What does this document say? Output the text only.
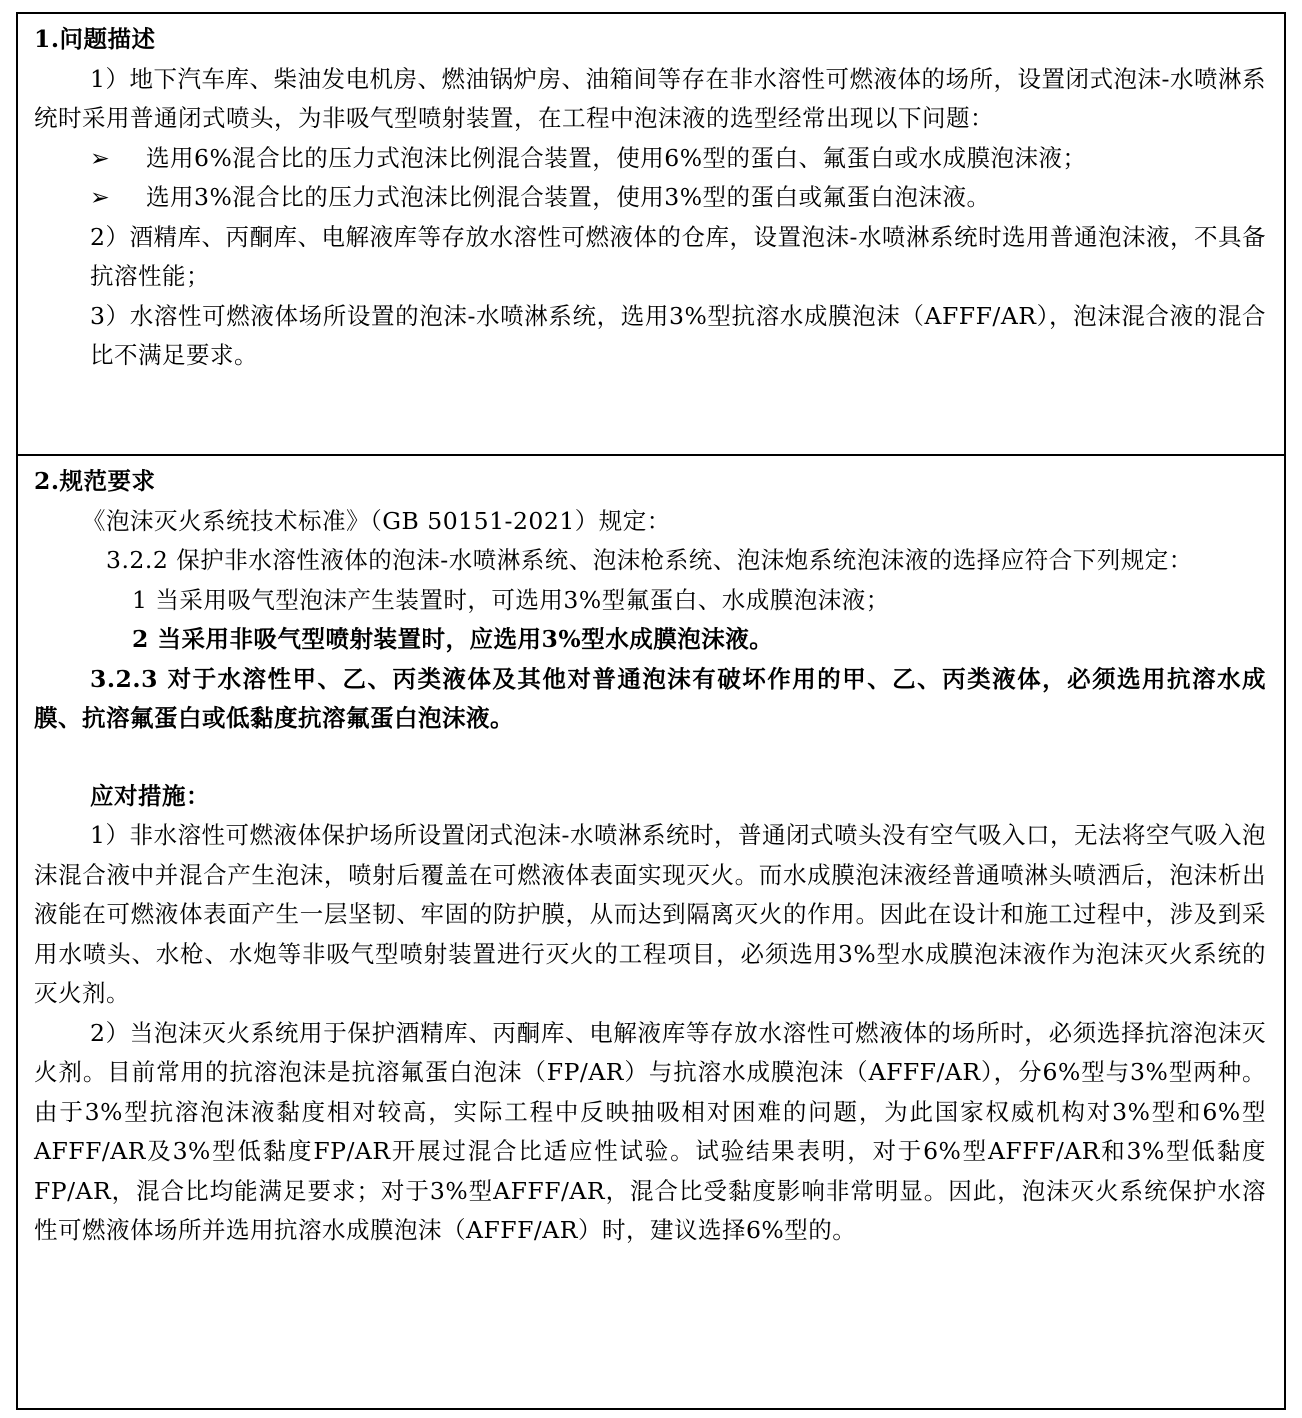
1.问题描述

1）地下汽车库、柴油发电机房、燃油锅炉房、油箱间等存在非水溶性可燃液体的场所，设置闭式泡沫-水喷淋系统时采用普通闭式喷头，为非吸气型喷射装置，在工程中泡沫液的选型经常出现以下问题：

➢	选用6%混合比的压力式泡沫比例混合装置，使用6%型的蛋白、氟蛋白或水成膜泡沫液；

➢	选用3%混合比的压力式泡沫比例混合装置，使用3%型的蛋白或氟蛋白泡沫液。

2）酒精库、丙酮库、电解液库等存放水溶性可燃液体的仓库，设置泡沫-水喷淋系统时选用普通泡沫液，不具备抗溶性能；

3）水溶性可燃液体场所设置的泡沫-水喷淋系统，选用3%型抗溶水成膜泡沫（AFFF/AR），泡沫混合液的混合比不满足要求。

2.规范要求

《泡沫灭火系统技术标准》（GB 50151-2021）规定：

3.2.2 保护非水溶性液体的泡沫-水喷淋系统、泡沫枪系统、泡沫炮系统泡沫液的选择应符合下列规定：

1 当采用吸气型泡沫产生装置时，可选用3%型氟蛋白、水成膜泡沫液；

2 当采用非吸气型喷射装置时，应选用3%型水成膜泡沫液。

3.2.3 对于水溶性甲、乙、丙类液体及其他对普通泡沫有破坏作用的甲、乙、丙类液体，必须选用抗溶水成膜、抗溶氟蛋白或低黏度抗溶氟蛋白泡沫液。

应对措施：

1）非水溶性可燃液体保护场所设置闭式泡沫-水喷淋系统时，普通闭式喷头没有空气吸入口，无法将空气吸入泡沫混合液中并混合产生泡沫，喷射后覆盖在可燃液体表面实现灭火。而水成膜泡沫液经普通喷淋头喷洒后，泡沫析出液能在可燃液体表面产生一层坚韧、牢固的防护膜，从而达到隔离灭火的作用。因此在设计和施工过程中，涉及到采用水喷头、水枪、水炮等非吸气型喷射装置进行灭火的工程项目，必须选用3%型水成膜泡沫液作为泡沫灭火系统的灭火剂。

2）当泡沫灭火系统用于保护酒精库、丙酮库、电解液库等存放水溶性可燃液体的场所时，必须选择抗溶泡沫灭火剂。目前常用的抗溶泡沫是抗溶氟蛋白泡沫（FP/AR）与抗溶水成膜泡沫（AFFF/AR），分6%型与3%型两种。由于3%型抗溶泡沫液黏度相对较高，实际工程中反映抽吸相对困难的问题，为此国家权威机构对3%型和6%型AFFF/AR及3%型低黏度FP/AR开展过混合比适应性试验。试验结果表明，对于6%型AFFF/AR和3%型低黏度FP/AR，混合比均能满足要求；对于3%型AFFF/AR，混合比受黏度影响非常明显。因此，泡沫灭火系统保护水溶性可燃液体场所并选用抗溶水成膜泡沫（AFFF/AR）时，建议选择6%型的。
